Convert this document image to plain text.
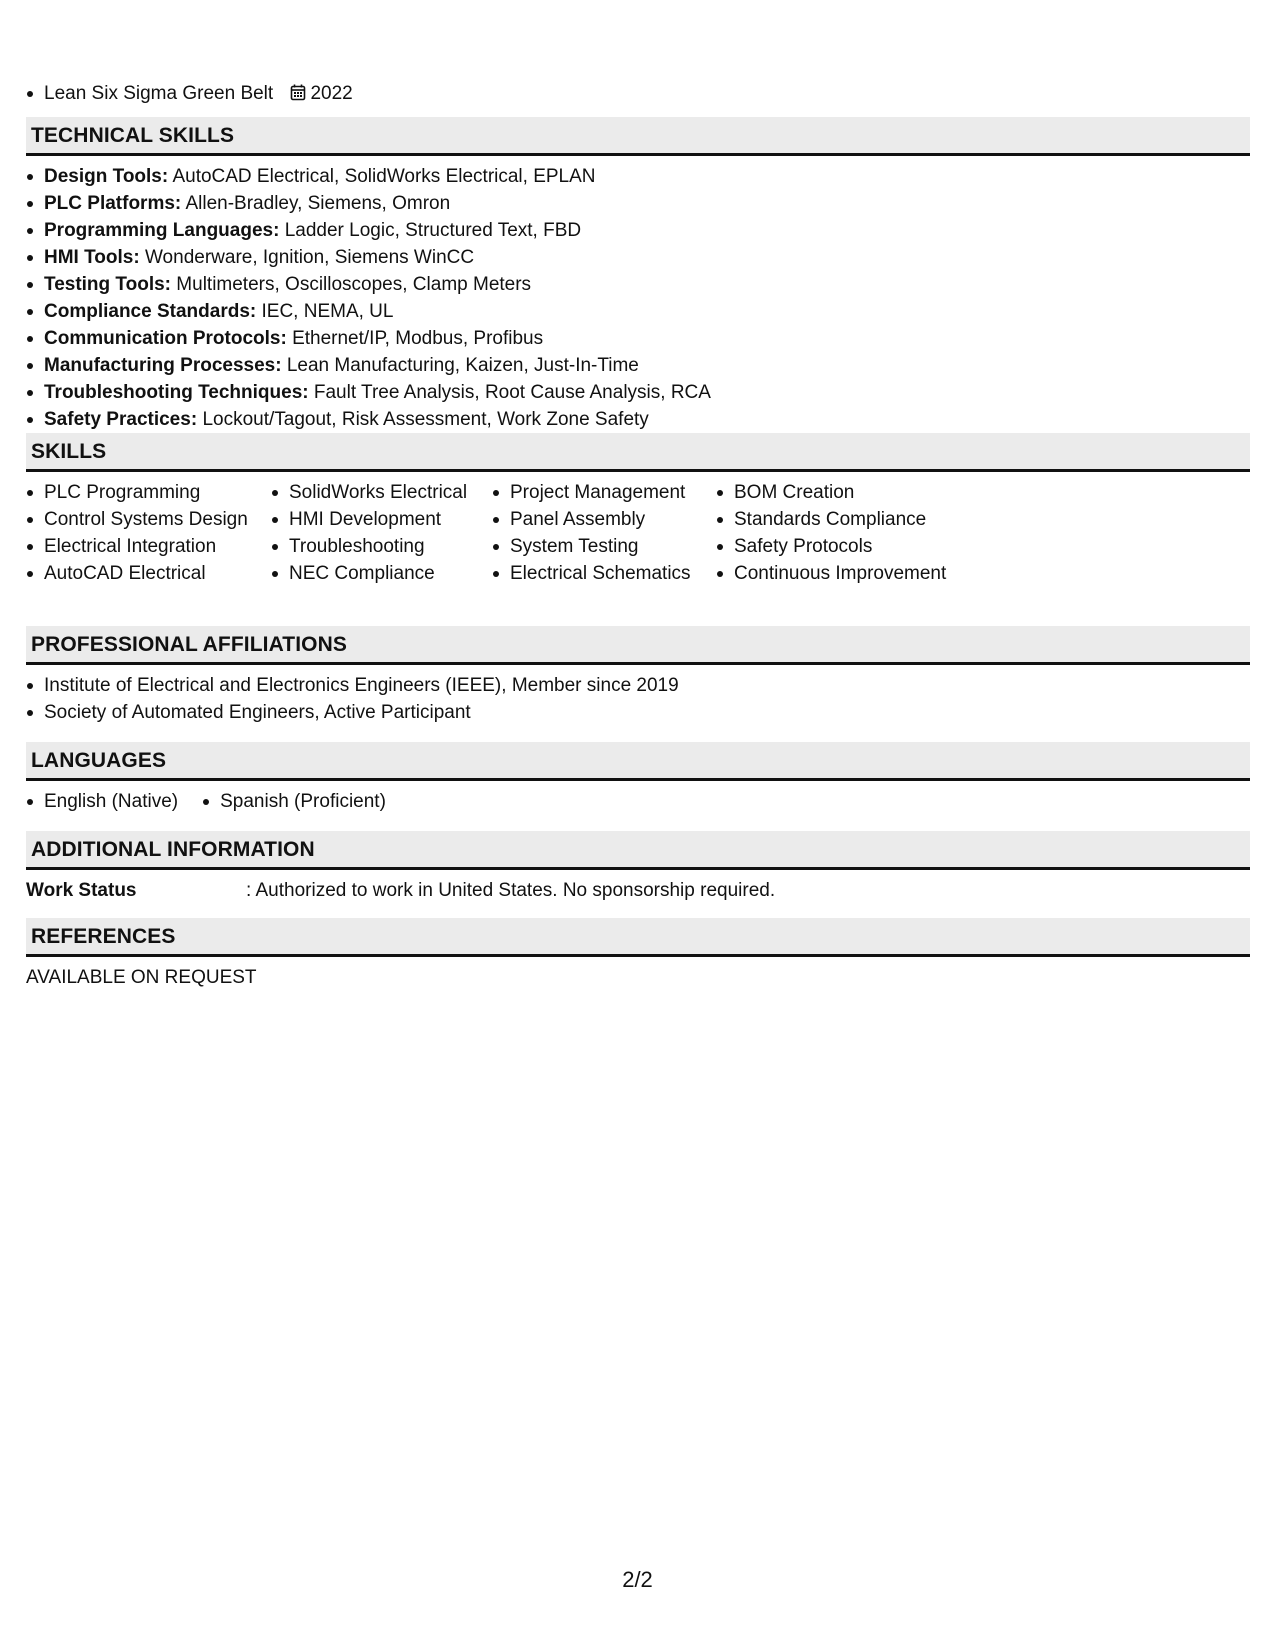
Lean Six Sigma Green Belt 2022
TECHNICAL SKILLS
Design Tools: AutoCAD Electrical, SolidWorks Electrical, EPLAN
PLC Platforms: Allen-Bradley, Siemens, Omron
Programming Languages: Ladder Logic, Structured Text, FBD
HMI Tools: Wonderware, Ignition, Siemens WinCC
Testing Tools: Multimeters, Oscilloscopes, Clamp Meters
Compliance Standards: IEC, NEMA, UL
Communication Protocols: Ethernet/IP, Modbus, Profibus
Manufacturing Processes: Lean Manufacturing, Kaizen, Just-In-Time
Troubleshooting Techniques: Fault Tree Analysis, Root Cause Analysis, RCA
Safety Practices: Lockout/Tagout, Risk Assessment, Work Zone Safety
SKILLS
PLC Programming
Control Systems Design
Electrical Integration
AutoCAD Electrical
SolidWorks Electrical
HMI Development
Troubleshooting
NEC Compliance
Project Management
Panel Assembly
System Testing
Electrical Schematics
BOM Creation
Standards Compliance
Safety Protocols
Continuous Improvement
PROFESSIONAL AFFILIATIONS
Institute of Electrical and Electronics Engineers (IEEE), Member since 2019
Society of Automated Engineers, Active Participant
LANGUAGES
English (Native)	Spanish (Proficient)
ADDITIONAL INFORMATION
Work Status	: Authorized to work in United States. No sponsorship required.
REFERENCES
AVAILABLE ON REQUEST
2/2
